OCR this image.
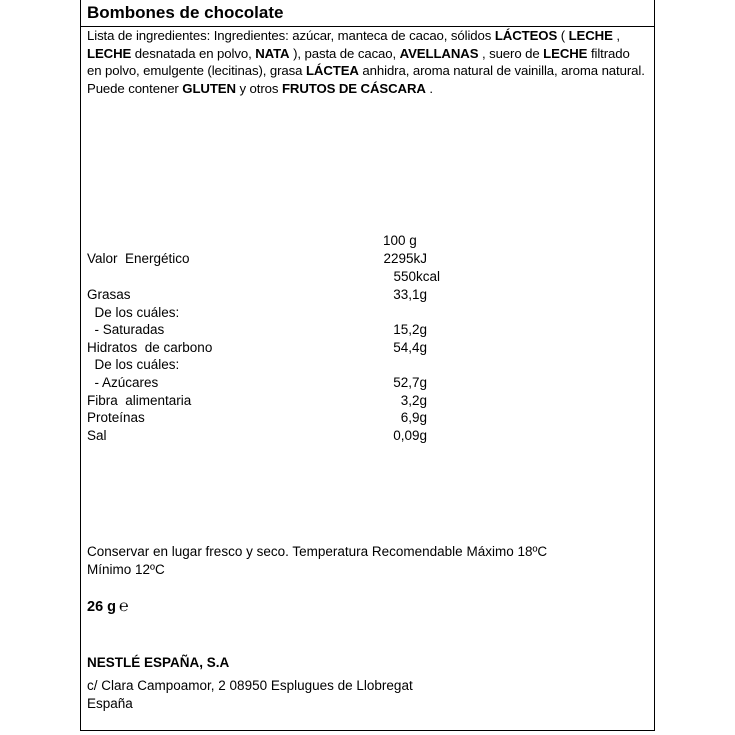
Bombones de chocolate
Lista de ingredientes: Ingredientes: azúcar, manteca de cacao, sólidos LÁCTEOS ( LECHE , LECHE desnatada en polvo, NATA ), pasta de cacao, AVELLANAS , suero de LECHE filtrado en polvo, emulgente (lecitinas), grasa LÁCTEA anhidra, aroma natural de vainilla, aroma natural. Puede contener GLUTEN y otros FRUTOS DE CÁSCARA .
100 g
Valor  Energético	2295kJ
550kcal
Grasas	33,1g
De los cuáles:
- Saturadas	15,2g
Hidratos  de carbono	54,4g
De los cuáles:
- Azúcares	52,7g
Fibra  alimentaria	3,2g
Proteínas	6,9g
Sal	0,09g
Conservar en lugar fresco y seco. Temperatura Recomendable Máximo 18ºC
Mínimo 12ºC
26 g ℮
NESTLÉ ESPAÑA, S.A
c/ Clara Campoamor, 2 08950 Esplugues de Llobregat
España
